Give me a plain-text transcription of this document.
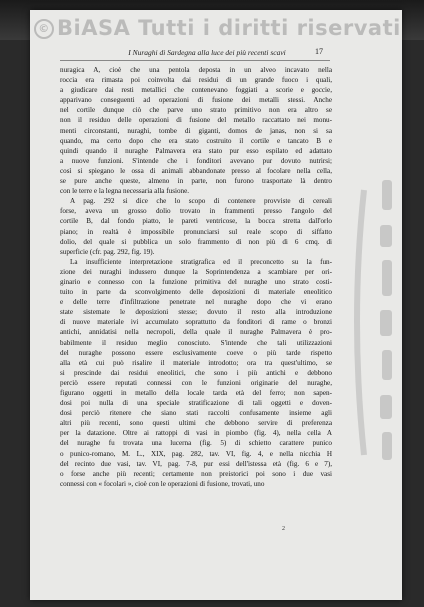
© BiASA Tutti i diritti riservati
I Nuraghi di Sardegna alla luce dei più recenti scavi	17
nuragica A, cioè che una pentola deposta in un alveo incavato nella
roccia era rimasta poi coinvolta dai residui di un grande fuoco i quali,
a giudicare dai resti metallici che contenevano foggiati a scorie e goccie,
apparivano conseguenti ad operazioni di fusione dei metalli stessi. Anche
nel cortile dunque ciò che parve uno strato primitivo non era altro se
non il residuo delle operazioni di fusione del metallo raccattato nei monu-
menti circonstanti, nuraghi, tombe di giganti, domos de janas, non si sa
quando, ma certo dopo che era stato costruito il cortile e tancato B e
quindi quando il nuraghe Palmavera era stato pur esso espilato ed adattato
a nuove funzioni. S'intende che i fonditori avevano pur dovuto nutrirsi;
così si spiegano le ossa di animali abbandonate presso al focolare nella cella,
se pure anche queste, almeno in parte, non furono trasportate là dentro
con le terre e la legna necessaria alla fusione.
A pag. 292 si dice che lo scopo di contenere provviste di cereali
forse, aveva un grosso dolio trovato in frammenti presso l'angolo del
cortile B, dal fondo piatto, le pareti ventricose, la bocca stretta dall'orlo
piano; in realtà è impossibile pronunciarsi sul reale scopo di siffatto
dolio, del quale si pubblica un solo frammento di non più di 6 cmq. di
superficie (cfr. pag. 292, fig. 19).
La insufficiente interpretazione stratigrafica ed il preconcetto su la fun-
zione dei nuraghi indussero dunque la Soprintendenza a scambiare per ori-
ginario e connesso con la funzione primitiva del nuraghe uno strato costi-
tuito in parte da sconvolgimento delle deposizioni di materiale eneolitico
e delle terre d'infiltrazione penetrate nel nuraghe dopo che vi erano
state sistemate le deposizioni stesse; dovuto il resto alla introduzione
di nuove materiale ivi accumulato soprattutto da fonditori di rame o bronzi
antichi, annidatisi nella necropoli, della quale il nuraghe Palmavera è pro-
babilmente il residuo meglio conosciuto. S'intende che tali utilizzazioni
del nuraghe possono essere esclusivamente coeve o più tarde rispetto
alla età cui può risalire il materiale introdotto; ora tra quest'ultimo, se
si prescinde dai residui eneolitici, che sono i più antichi e debbono
perciò essere reputati connessi con le funzioni originarie del nuraghe,
figurano oggetti in metallo della locale tarda età del ferro; non sapen-
dosi poi nulla di una speciale stratificazione di tali oggetti e doven-
dosi perciò ritenere che siano stati raccolti confusamente insieme agli
altri più recenti, sono questi ultimi che debbono servire di preferenza
per la datazione. Oltre ai rattoppi di vasi in piombo (fig. 4), nella cella A
del nuraghe fu trovata una lucerna (fig. 5) di schietto carattere punico
o punico-romano, M. L., XIX, pag. 282, tav. VI, fig. 4, e nella nicchia H
del recinto due vasi, tav. VI, pag. 7-8, pur essi dell'istessa età (fig. 6 e 7),
o forse anche più recenti; certamente non preistorici poi sono i due vasi
connessi con « focolari », cioè con le operazioni di fusione, trovati, uno
2
